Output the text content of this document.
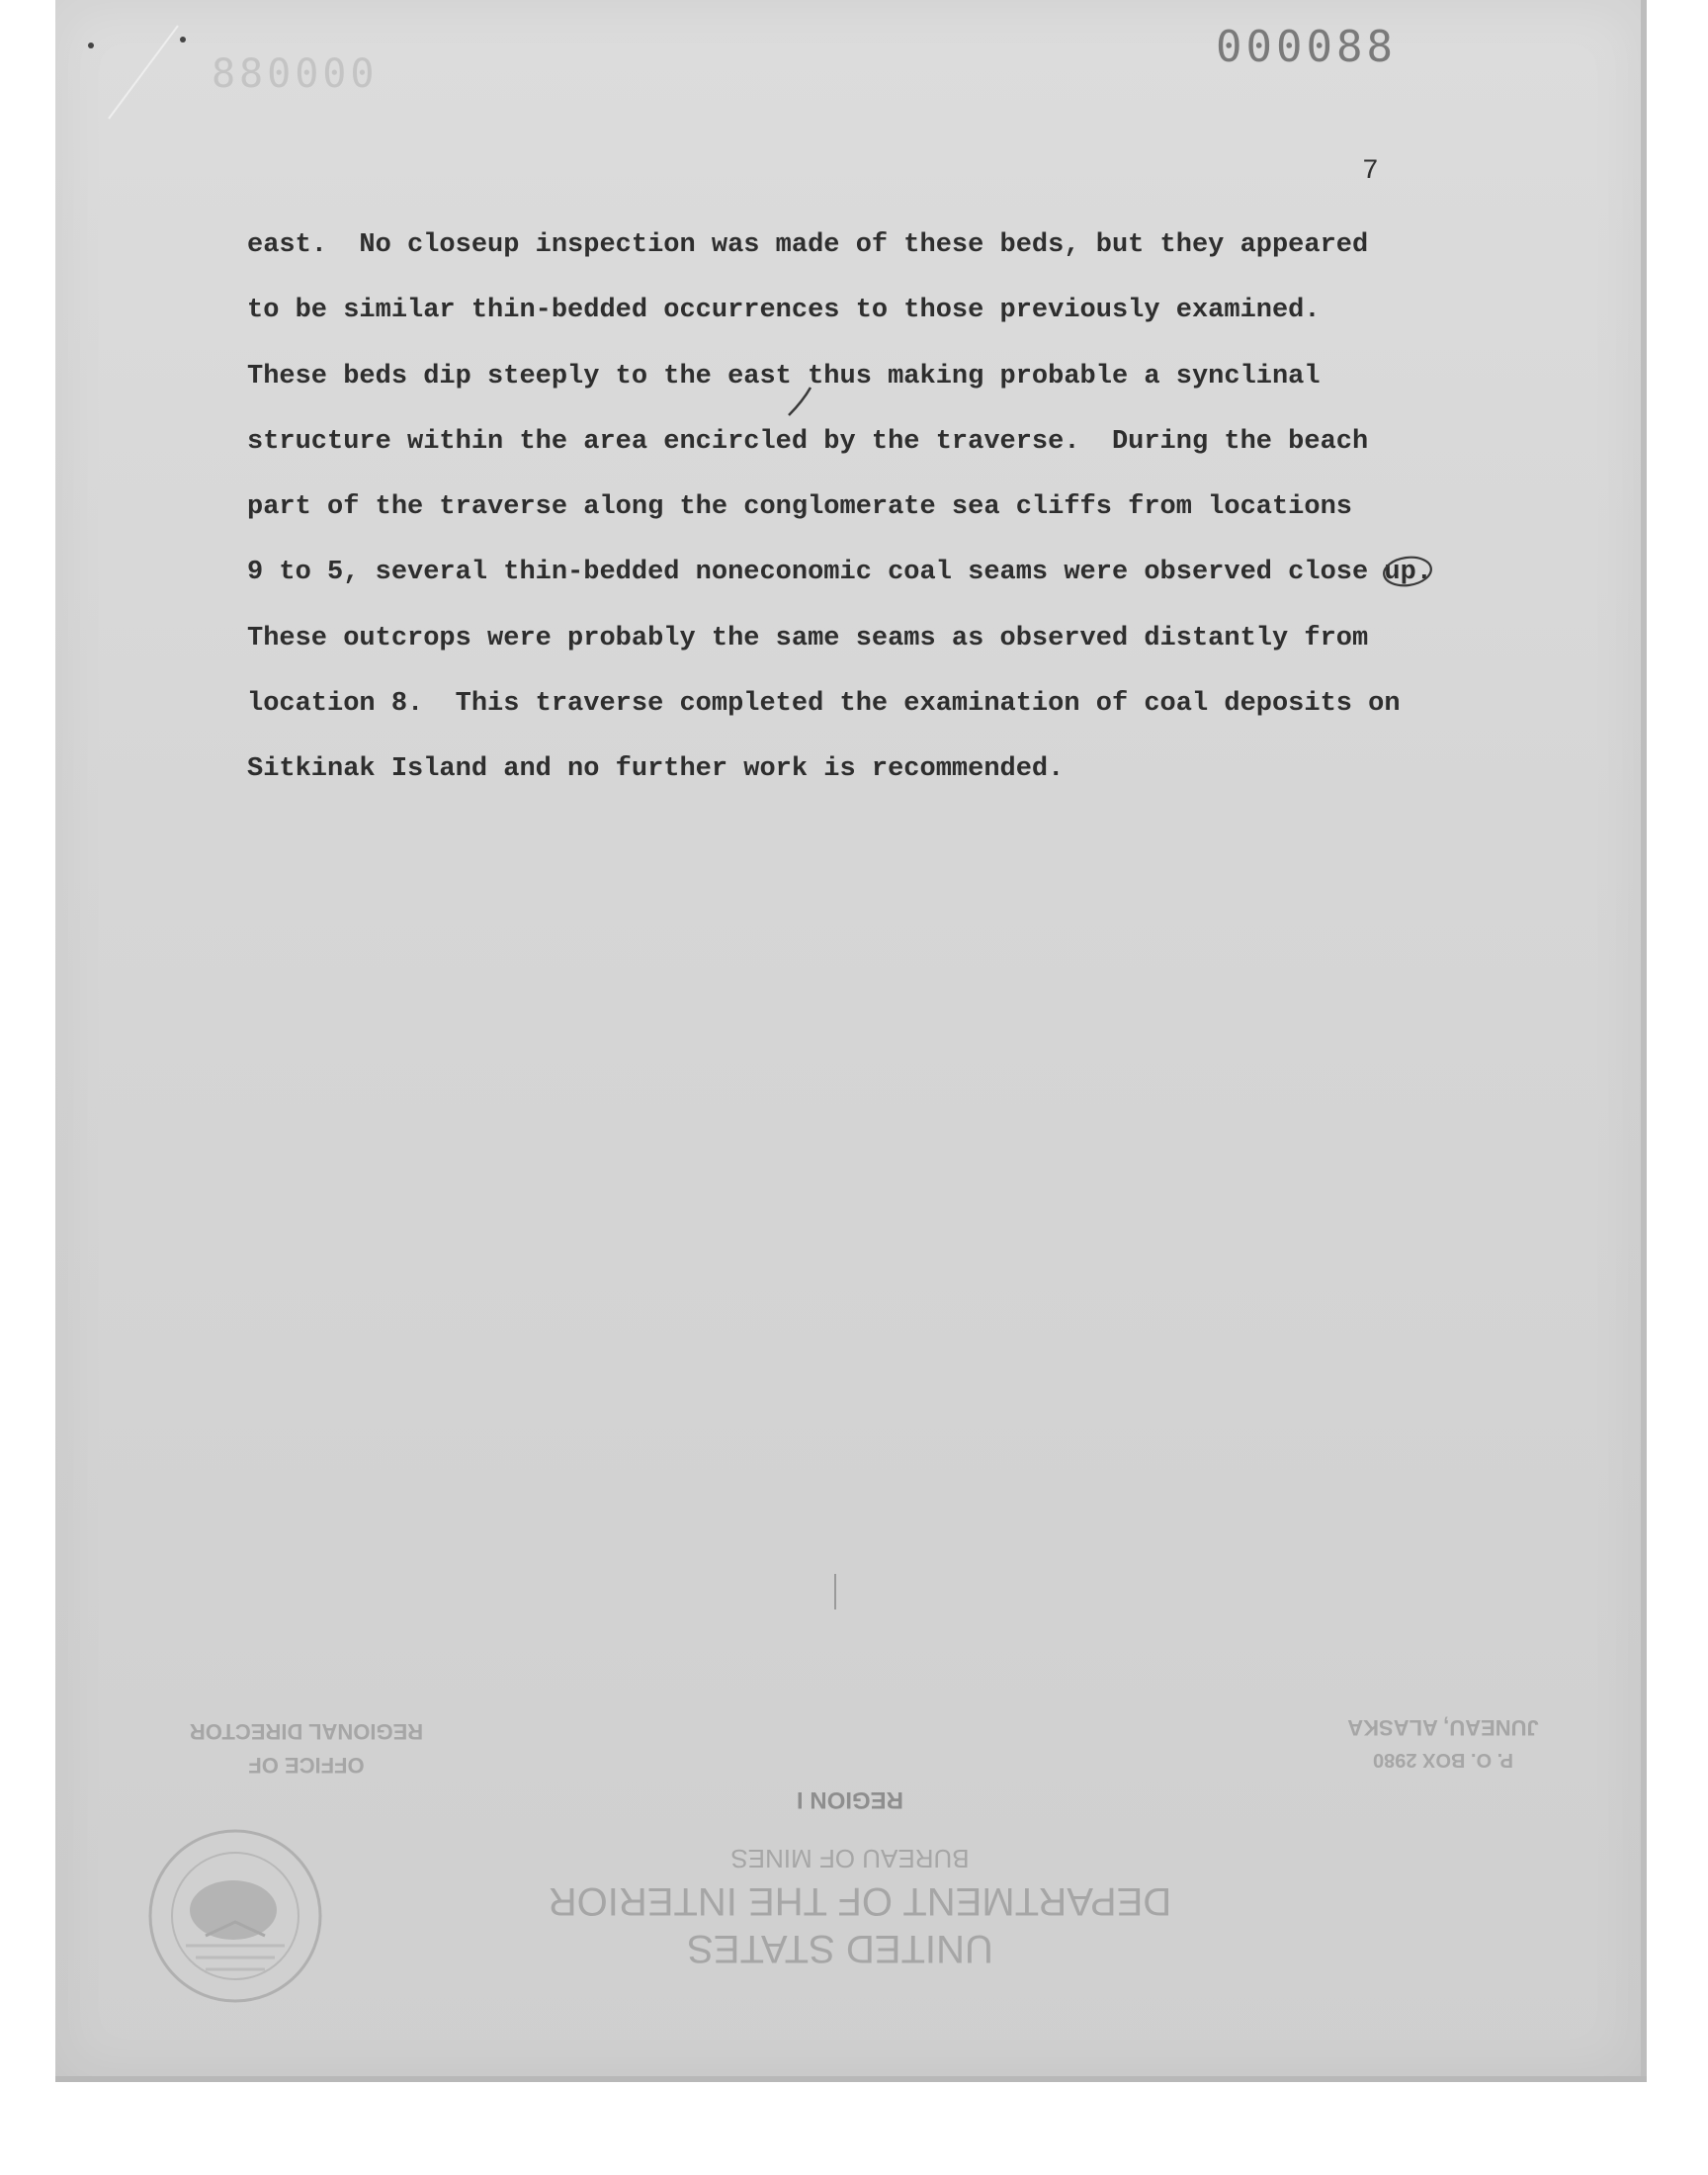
000088
000088
7
east.  No closeup inspection was made of these beds, but they appeared
to be similar thin-bedded occurrences to those previously examined.
These beds dip steeply to the east thus making probable a synclinal
structure within the area encircled by the traverse.  During the beach
part of the traverse along the conglomerate sea cliffs from locations
9 to 5, several thin-bedded noneconomic coal seams were observed close up.
These outcrops were probably the same seams as observed distantly from
location 8.  This traverse completed the examination of coal deposits on
Sitkinak Island and no further work is recommended.
OFFICE OF
REGIONAL DIRECTOR
P. O. BOX 2980
JUNEAU, ALASKA
REGION I
BUREAU OF MINES
DEPARTMENT OF THE INTERIOR
UNITED STATES
